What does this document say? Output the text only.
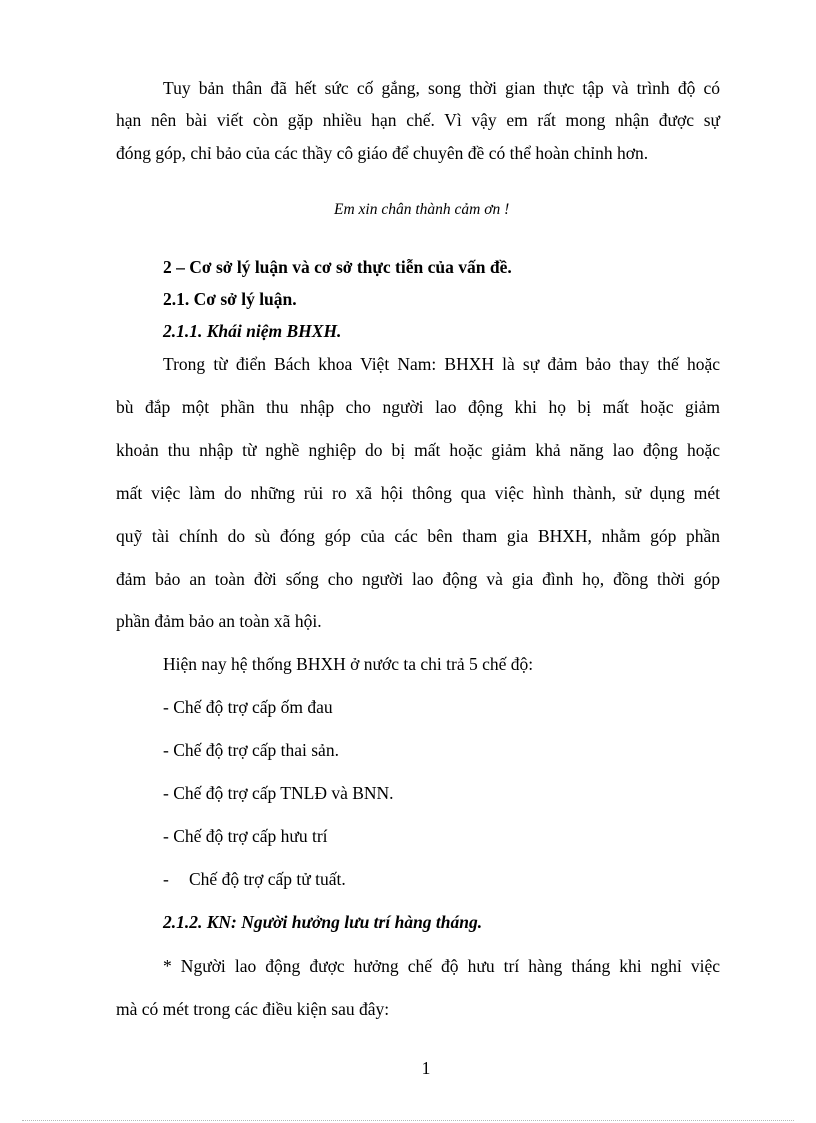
Tuy bản thân đã hết sức cố gắng, song thời gian thực tập và trình độ có
hạn nên bài viết còn gặp nhiều hạn chế. Vì vậy em rất mong nhận được sự
đóng góp, chỉ bảo của các thầy cô giáo để chuyên đề có thể hoàn chỉnh hơn.
Em xin chân thành cảm ơn !
2 – Cơ sở lý luận và cơ sở thực tiễn của vấn đề.
2.1. Cơ sở lý luận.
2.1.1. Khái niệm BHXH.
Trong từ điển Bách khoa Việt Nam: BHXH là sự đảm bảo thay thế hoặc
bù đắp một phần thu nhập cho người lao động khi họ bị mất hoặc giảm
khoản thu nhập từ nghề nghiệp do bị mất hoặc giảm khả năng lao động hoặc
mất việc làm do những rủi ro xã hội thông qua việc hình thành, sử dụng mét
quỹ tài chính do sù đóng góp của các bên tham gia BHXH, nhằm góp phần
đảm bảo an toàn đời sống cho người lao động và gia đình họ, đồng thời góp
phần đảm bảo an toàn xã hội.
Hiện nay hệ thống BHXH ở nước ta chi trả 5 chế độ:
- Chế độ trợ cấp ốm đau
- Chế độ trợ cấp thai sản.
- Chế độ trợ cấp TNLĐ và BNN.
- Chế độ trợ cấp hưu trí
- Chế độ trợ cấp tử tuất.
2.1.2. KN: Người hưởng lưu trí hàng tháng.
* Người lao động được hưởng chế độ hưu trí hàng tháng khi nghỉ việc
mà có mét trong các điều kiện sau đây:
1
